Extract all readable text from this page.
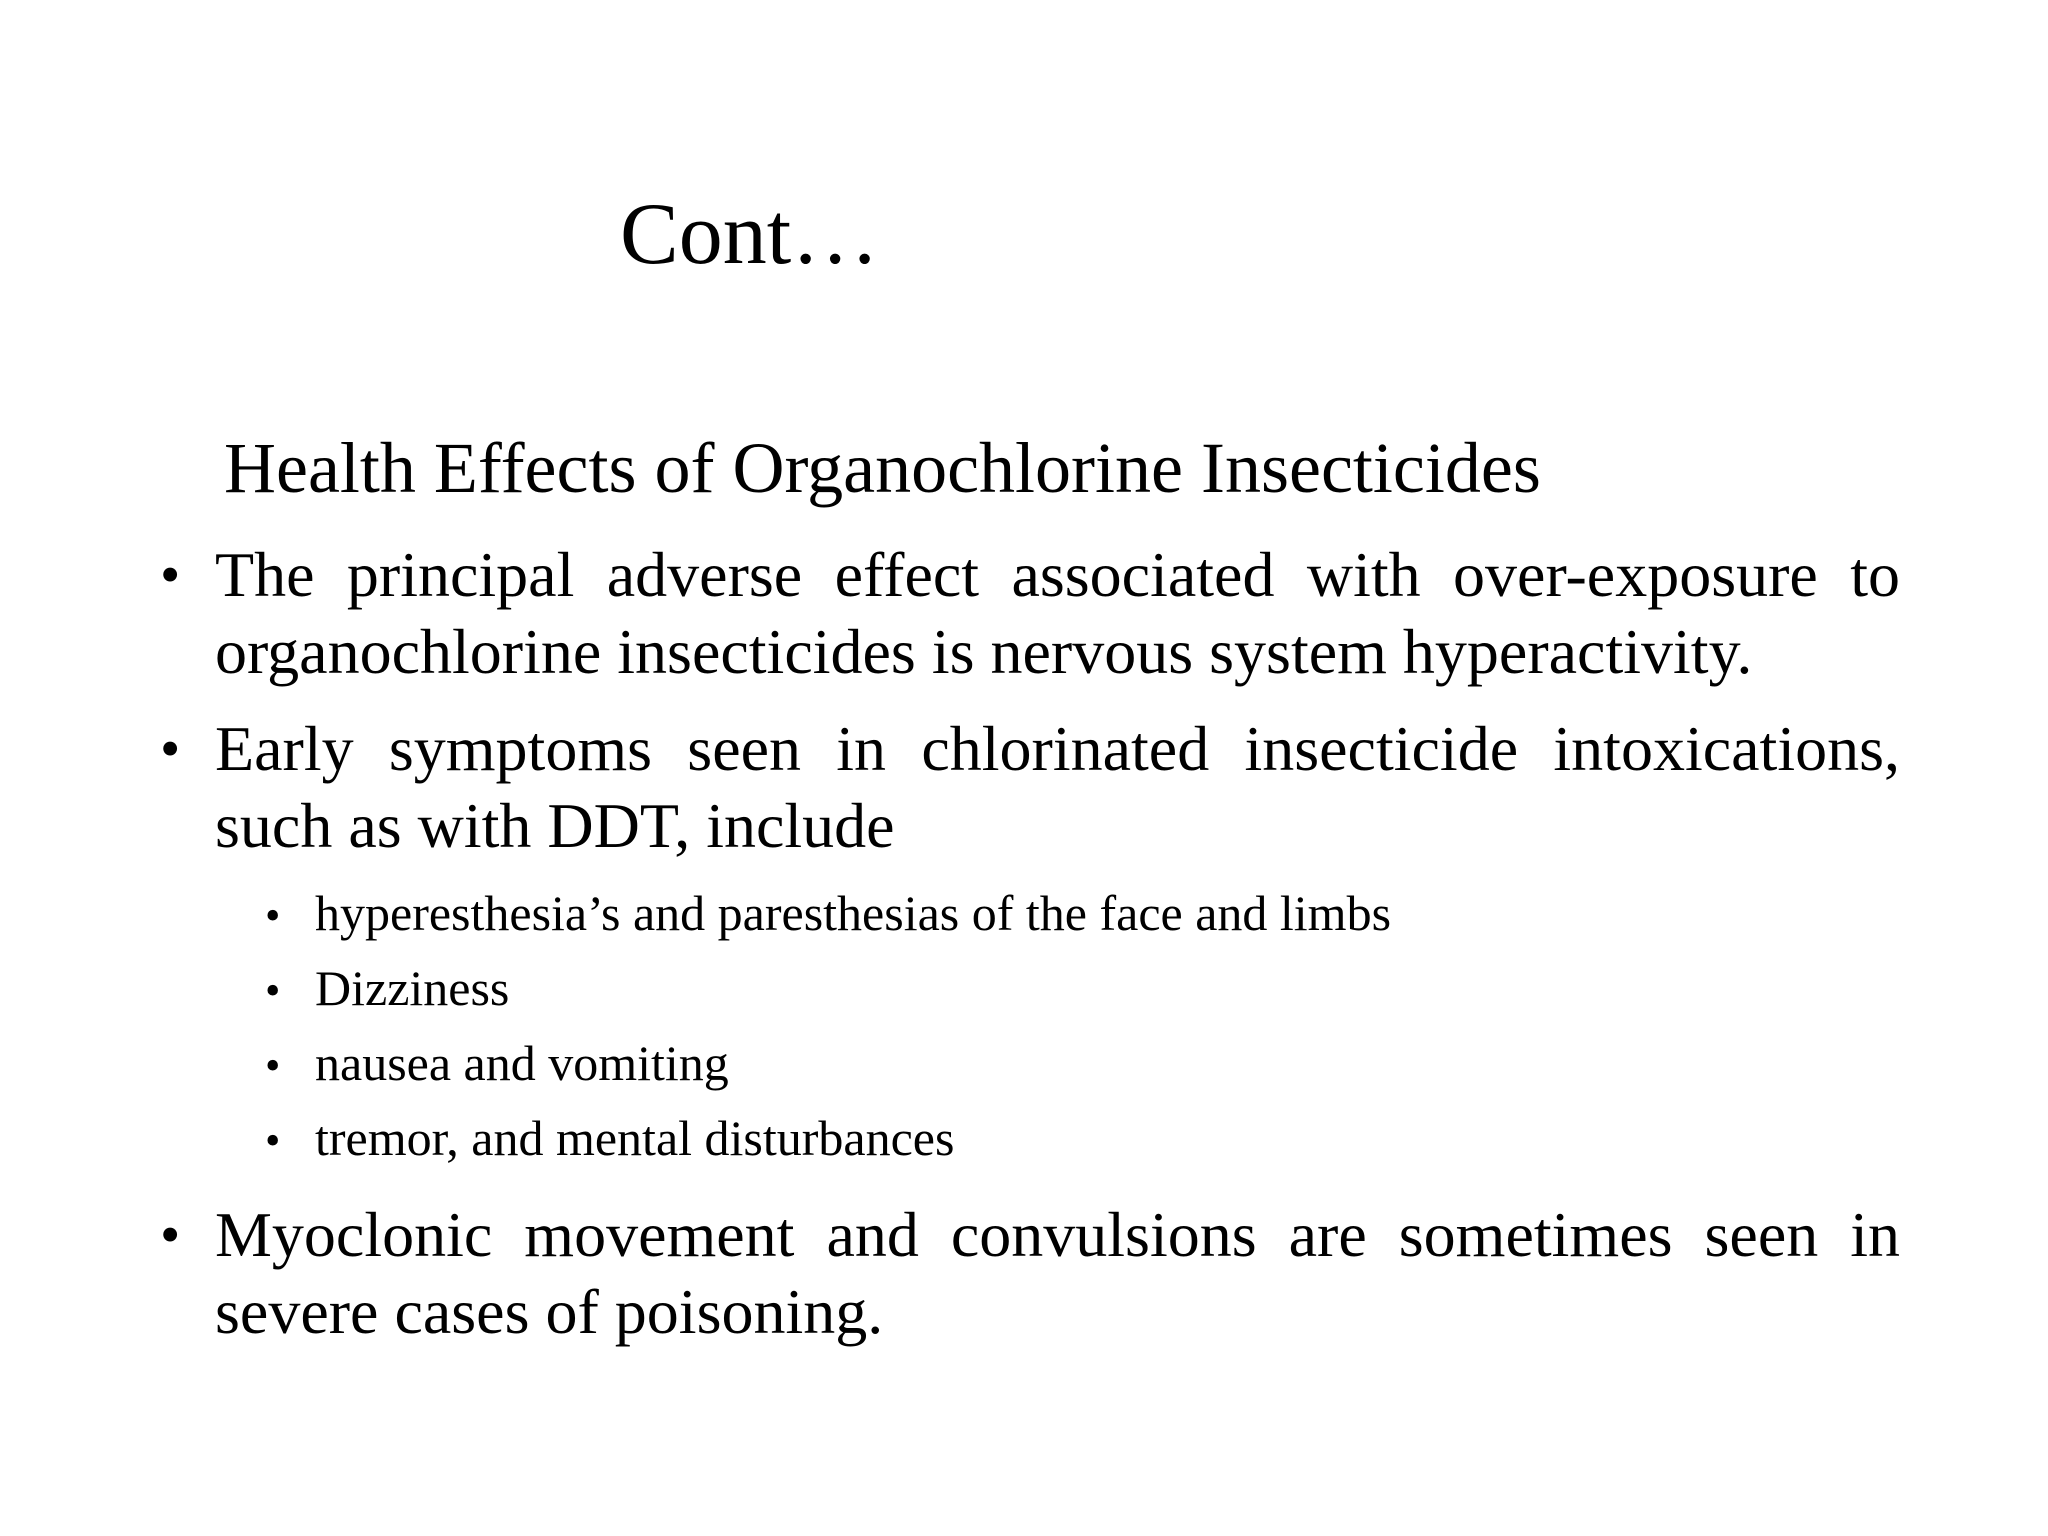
Cont…
Health Effects of Organochlorine Insecticides
• The principal adverse effect associated with over-exposure to organochlorine insecticides is nervous system hyperactivity.
• Early symptoms seen in chlorinated insecticide intoxications, such as with DDT, include
• hyperesthesia’s and paresthesias of the face and limbs
• Dizziness
• nausea and vomiting
• tremor, and mental disturbances
• Myoclonic movement and convulsions are sometimes seen in severe cases of poisoning.
